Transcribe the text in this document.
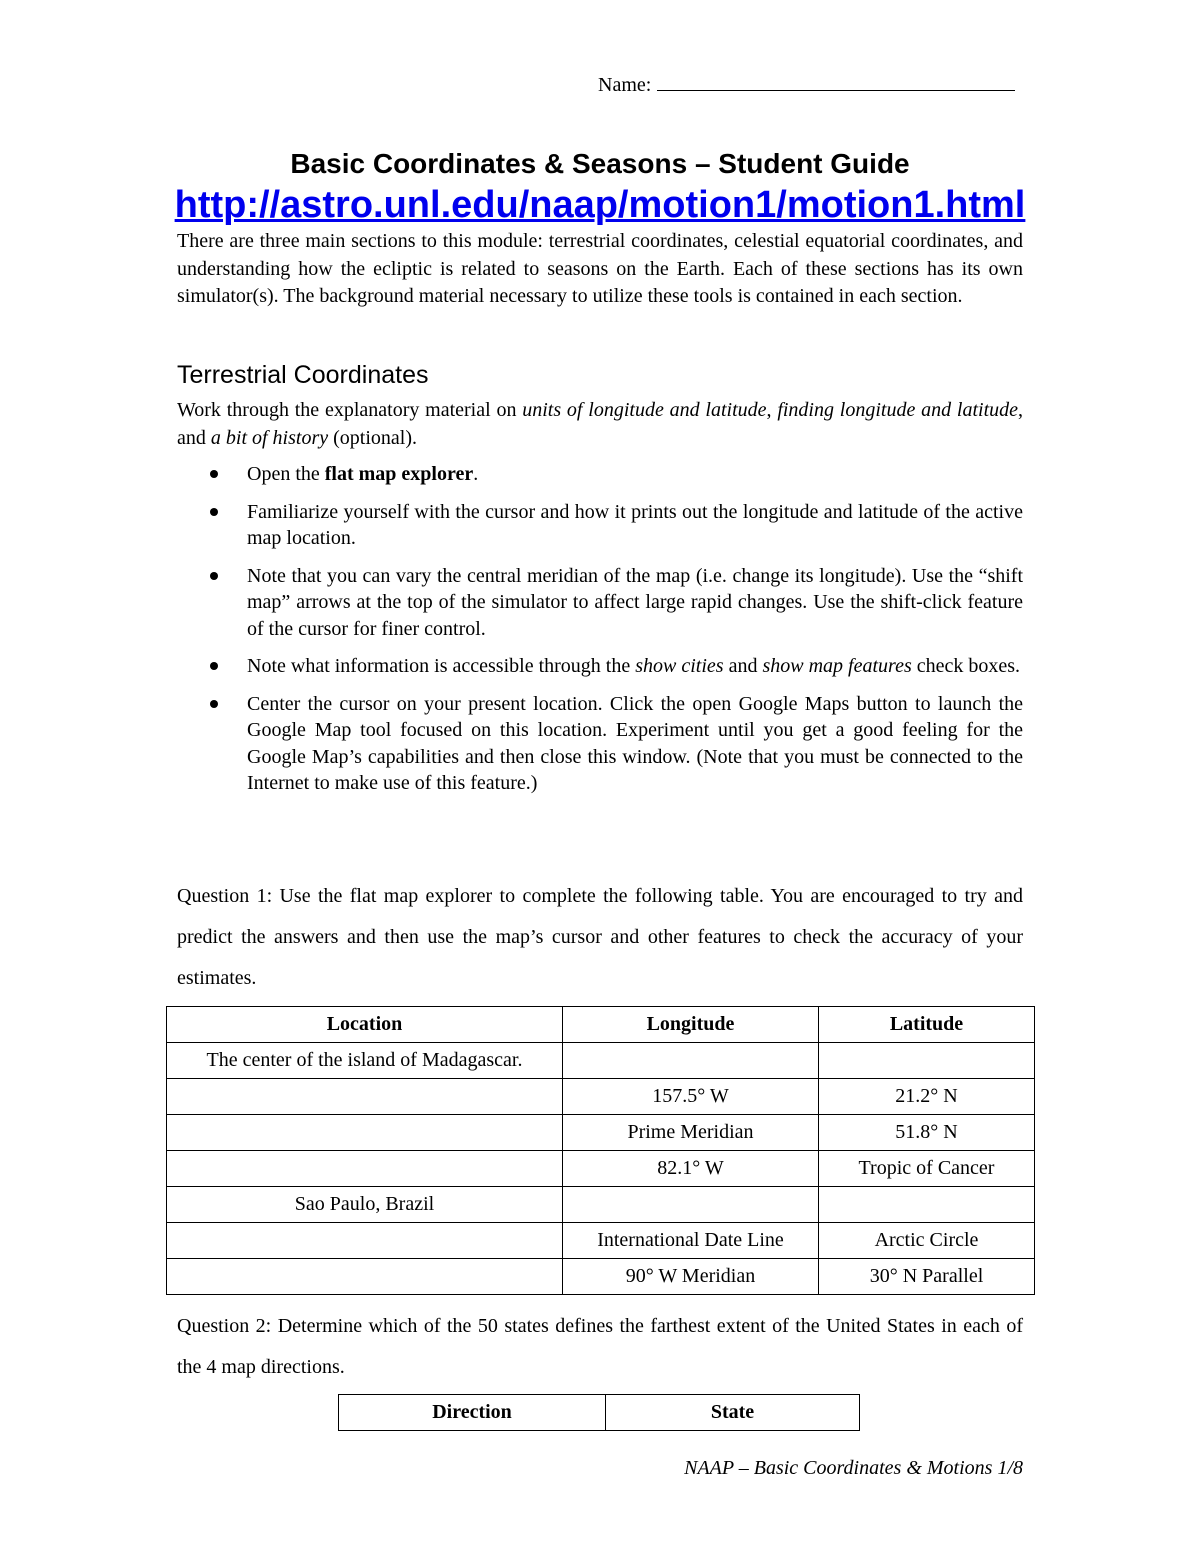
Name:
Basic Coordinates & Seasons – Student Guide
http://astro.unl.edu/naap/motion1/motion1.html
There are three main sections to this module: terrestrial coordinates, celestial equatorial coordinates, and understanding how the ecliptic is related to seasons on the Earth. Each of these sections has its own simulator(s). The background material necessary to utilize these tools is contained in each section.
Terrestrial Coordinates
Work through the explanatory material on units of longitude and latitude, finding longitude and latitude, and a bit of history (optional).
Open the flat map explorer.
Familiarize yourself with the cursor and how it prints out the longitude and latitude of the active map location.
Note that you can vary the central meridian of the map (i.e. change its longitude). Use the “shift map” arrows at the top of the simulator to affect large rapid changes. Use the shift-click feature of the cursor for finer control.
Note what information is accessible through the show cities and show map features check boxes.
Center the cursor on your present location. Click the open Google Maps button to launch the Google Map tool focused on this location. Experiment until you get a good feeling for the Google Map’s capabilities and then close this window. (Note that you must be connected to the Internet to make use of this feature.)
Question 1: Use the flat map explorer to complete the following table. You are encouraged to try and predict the answers and then use the map’s cursor and other features to check the accuracy of your estimates.
Location	Longitude	Latitude
The center of the island of Madagascar.		
	157.5° W	21.2° N
	Prime Meridian	51.8° N
	82.1° W	Tropic of Cancer
Sao Paulo, Brazil		
	International Date Line	Arctic Circle
	90° W Meridian	30° N Parallel
Question 2: Determine which of the 50 states defines the farthest extent of the United States in each of the 4 map directions.
Direction	State
NAAP – Basic Coordinates & Motions 1/8
